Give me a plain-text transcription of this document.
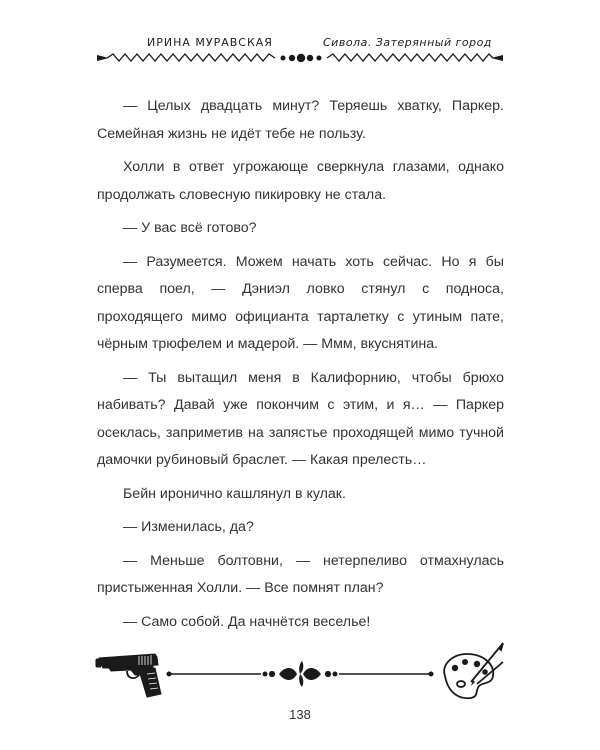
ИРИНА МУРАВСКАЯ	Сивола. Затерянный город

— Целых двадцать минут? Теряешь хватку, Паркер. Семейная жизнь не идёт тебе не пользу.

Холли в ответ угрожающе сверкнула глазами, однако продолжать словесную пикировку не стала.

— У вас всё готово?

— Разумеется. Можем начать хоть сейчас. Но я бы сперва поел, — Дэниэл ловко стянул с подноса, проходящего мимо официанта тарталетку с утиным пате, чёрным трюфелем и мадерой. — Ммм, вкуснятина.

— Ты вытащил меня в Калифорнию, чтобы брюхо набивать? Давай уже покончим с этим, и я… — Паркер осеклась, заприметив на запястье проходящей мимо тучной дамочки рубиновый браслет. — Какая прелесть…

Бейн иронично кашлянул в кулак.

— Изменилась, да?

— Меньше болтовни, — нетерпеливо отмахнулась пристыженная Холли. — Все помнят план?

— Само собой. Да начнётся веселье!

138
